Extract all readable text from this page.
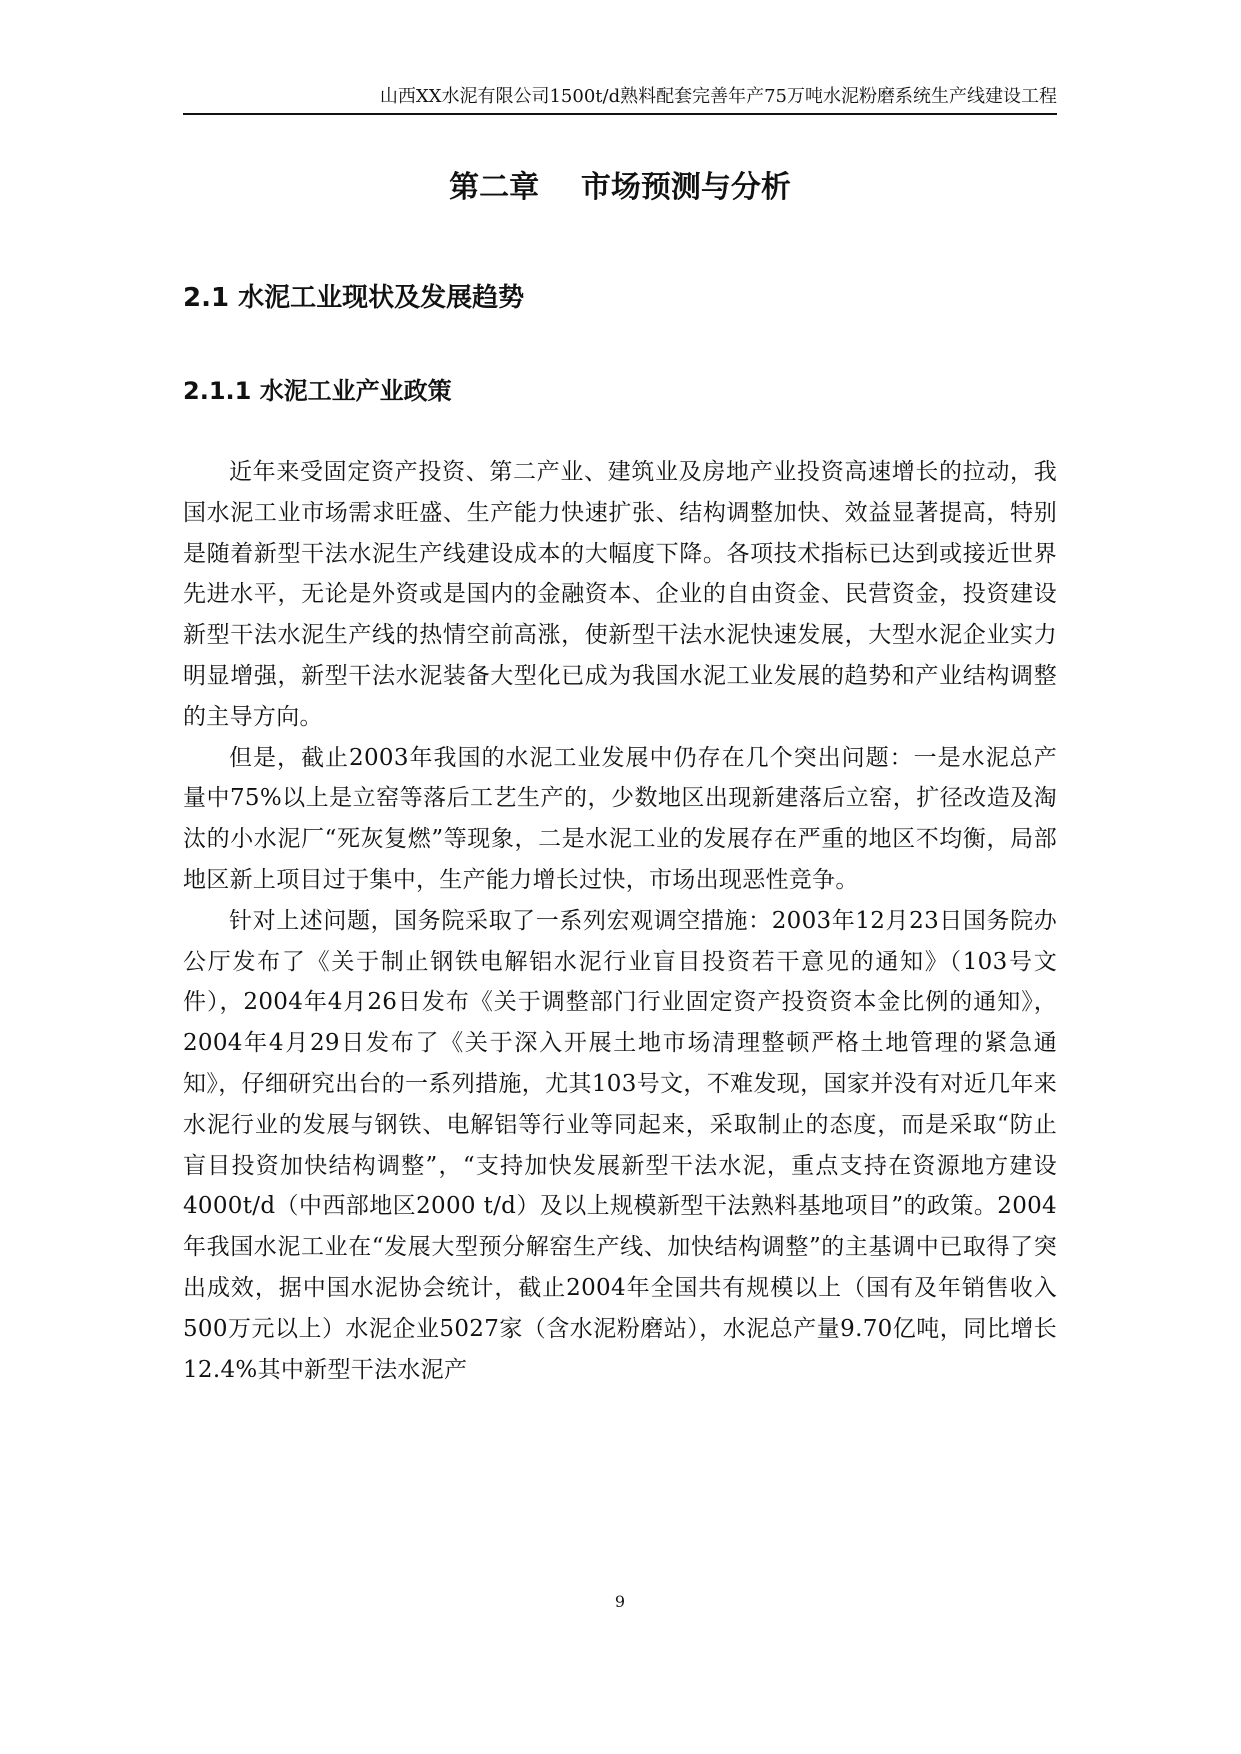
山西XX水泥有限公司1500t/d熟料配套完善年产75万吨水泥粉磨系统生产线建设工程
第二章    市场预测与分析
2.1 水泥工业现状及发展趋势
2.1.1 水泥工业产业政策

近年来受固定资产投资、第二产业、建筑业及房地产业投资高速增长的拉动，我国水泥工业市场需求旺盛、生产能力快速扩张、结构调整加快、效益显著提高，特别是随着新型干法水泥生产线建设成本的大幅度下降。各项技术指标已达到或接近世界先进水平，无论是外资或是国内的金融资本、企业的自由资金、民营资金，投资建设新型干法水泥生产线的热情空前高涨，使新型干法水泥快速发展，大型水泥企业实力明显增强，新型干法水泥装备大型化已成为我国水泥工业发展的趋势和产业结构调整的主导方向。

但是，截止2003年我国的水泥工业发展中仍存在几个突出问题：一是水泥总产量中75%以上是立窑等落后工艺生产的，少数地区出现新建落后立窑，扩径改造及淘汰的小水泥厂“死灰复燃”等现象，二是水泥工业的发展存在严重的地区不均衡，局部地区新上项目过于集中，生产能力增长过快，市场出现恶性竞争。

针对上述问题，国务院采取了一系列宏观调空措施：2003年12月23日国务院办公厅发布了《关于制止钢铁电解铝水泥行业盲目投资若干意见的通知》（103号文件），2004年4月26日发布《关于调整部门行业固定资产投资资本金比例的通知》，2004年4月29日发布了《关于深入开展土地市场清理整顿严格土地管理的紧急通知》，仔细研究出台的一系列措施，尤其103号文，不难发现，国家并没有对近几年来水泥行业的发展与钢铁、电解铝等行业等同起来，采取制止的态度，而是采取“防止盲目投资加快结构调整”，“支持加快发展新型干法水泥，重点支持在资源地方建设4000t/d（中西部地区2000 t/d）及以上规模新型干法熟料基地项目”的政策。2004年我国水泥工业在“发展大型预分解窑生产线、加快结构调整”的主基调中已取得了突出成效，据中国水泥协会统计，截止2004年全国共有规模以上（国有及年销售收入500万元以上）水泥企业5027家（含水泥粉磨站），水泥总产量9.70亿吨，同比增长12.4%其中新型干法水泥产

9
